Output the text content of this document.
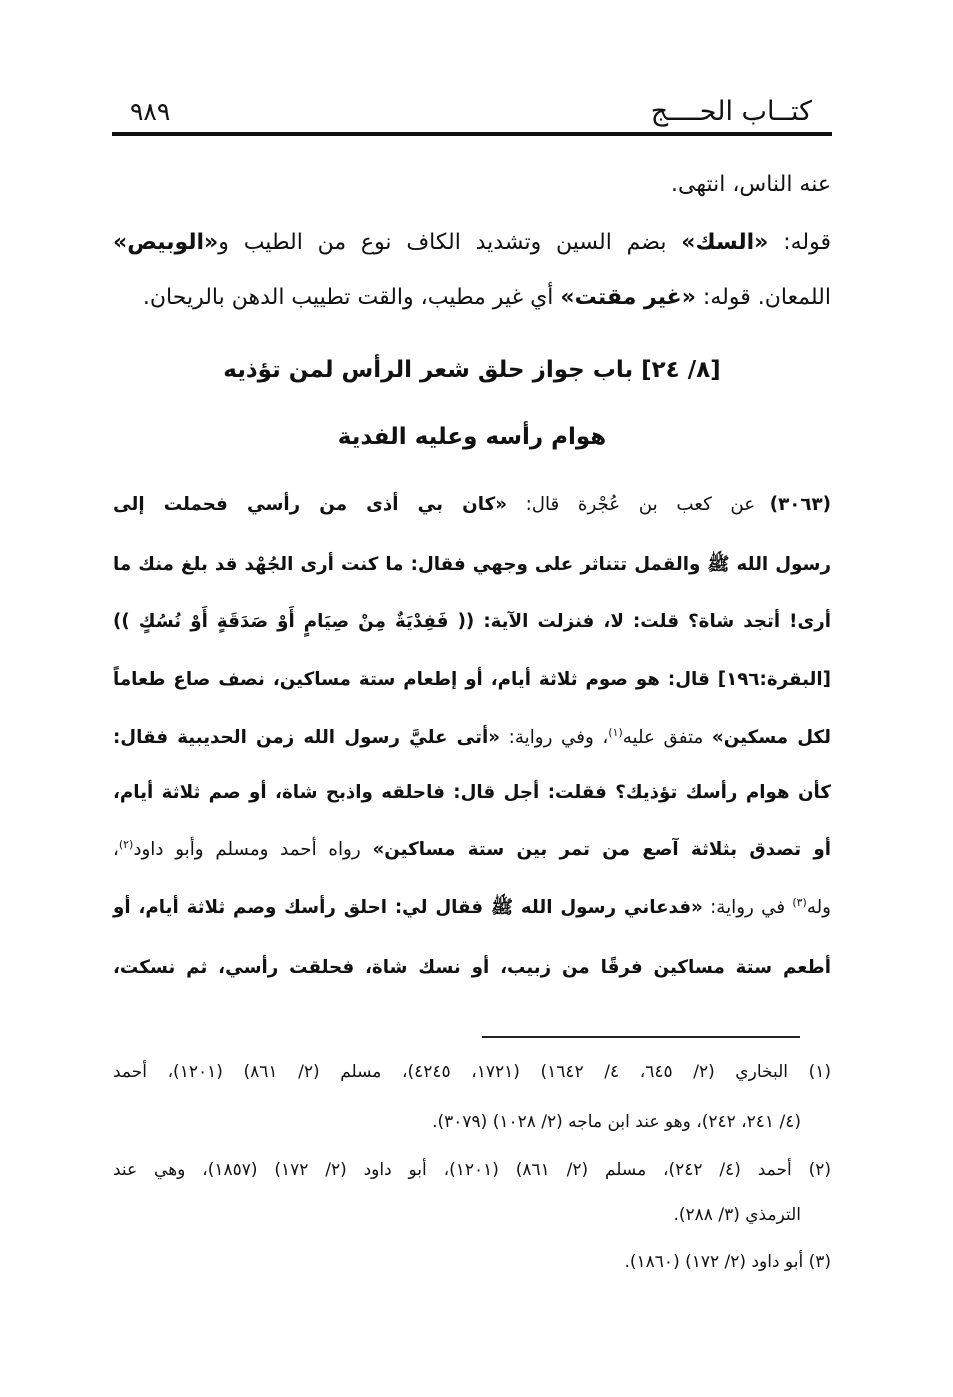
كتــاب الحــــج
٩٨٩
عنه الناس، انتهى.
قوله: «السك» بضم السين وتشديد الكاف نوع من الطيب و«الوبيص»
اللمعان. قوله: «غير مقتت» أي غير مطيب، والقت تطييب الدهن بالريحان.
[٨/ ٢٤] باب جواز حلق شعر الرأس لمن تؤذيه
هوام رأسه وعليه الفدية
(٣٠٦٣)عن كعب بن عُجْرة قال: «كان بي أذى من رأسي فحملت إلى
رسول الله ﷺ والقمل تتناثر على وجهي فقال: ما كنت أرى الجُهْد قد بلغ منك ما
أرى! أتجد شاة؟ قلت: لا، فنزلت الآية: (( فَفِدْيَةٌ مِنْ صِيَامٍ أَوْ صَدَقَةٍ أَوْ نُسُكٍ ))
[البقرة:١٩٦] قال: هو صوم ثلاثة أيام، أو إطعام ستة مساكين، نصف صاع طعاماً
لكل مسكين» متفق عليه$^{(١)}$، وفي رواية: «أتى عليَّ رسول الله زمن الحديبية فقال:
كأن هوام رأسك تؤذيك؟ فقلت: أجل قال: فاحلقه واذبح شاة، أو صم ثلاثة أيام،
أو تصدق بثلاثة آصع من تمر بين ستة مساكين» رواه أحمد ومسلم وأبو داود$^{(٢)}$،
وله$^{(٣)}$ في رواية: «فدعاني رسول الله ﷺ فقال لي: احلق رأسك وصم ثلاثة أيام، أو
أطعم ستة مساكين فرقًا من زبيب، أو نسك شاة، فحلقت رأسي، ثم نسكت،
(١) البخاري (٢/ ٦٤٥، ٤/ ١٦٤٢) (١٧٢١، ٤٢٤٥)، مسلم (٢/ ٨٦١) (١٢٠١)، أحمد
(٤/ ٢٤١، ٢٤٢)، وهو عند ابن ماجه (٢/ ١٠٢٨) (٣٠٧٩).
(٢) أحمد (٤/ ٢٤٢)، مسلم (٢/ ٨٦١) (١٢٠١)، أبو داود (٢/ ١٧٢) (١٨٥٧)، وهي عند
الترمذي (٣/ ٢٨٨).
(٣) أبو داود (٢/ ١٧٢) (١٨٦٠).
